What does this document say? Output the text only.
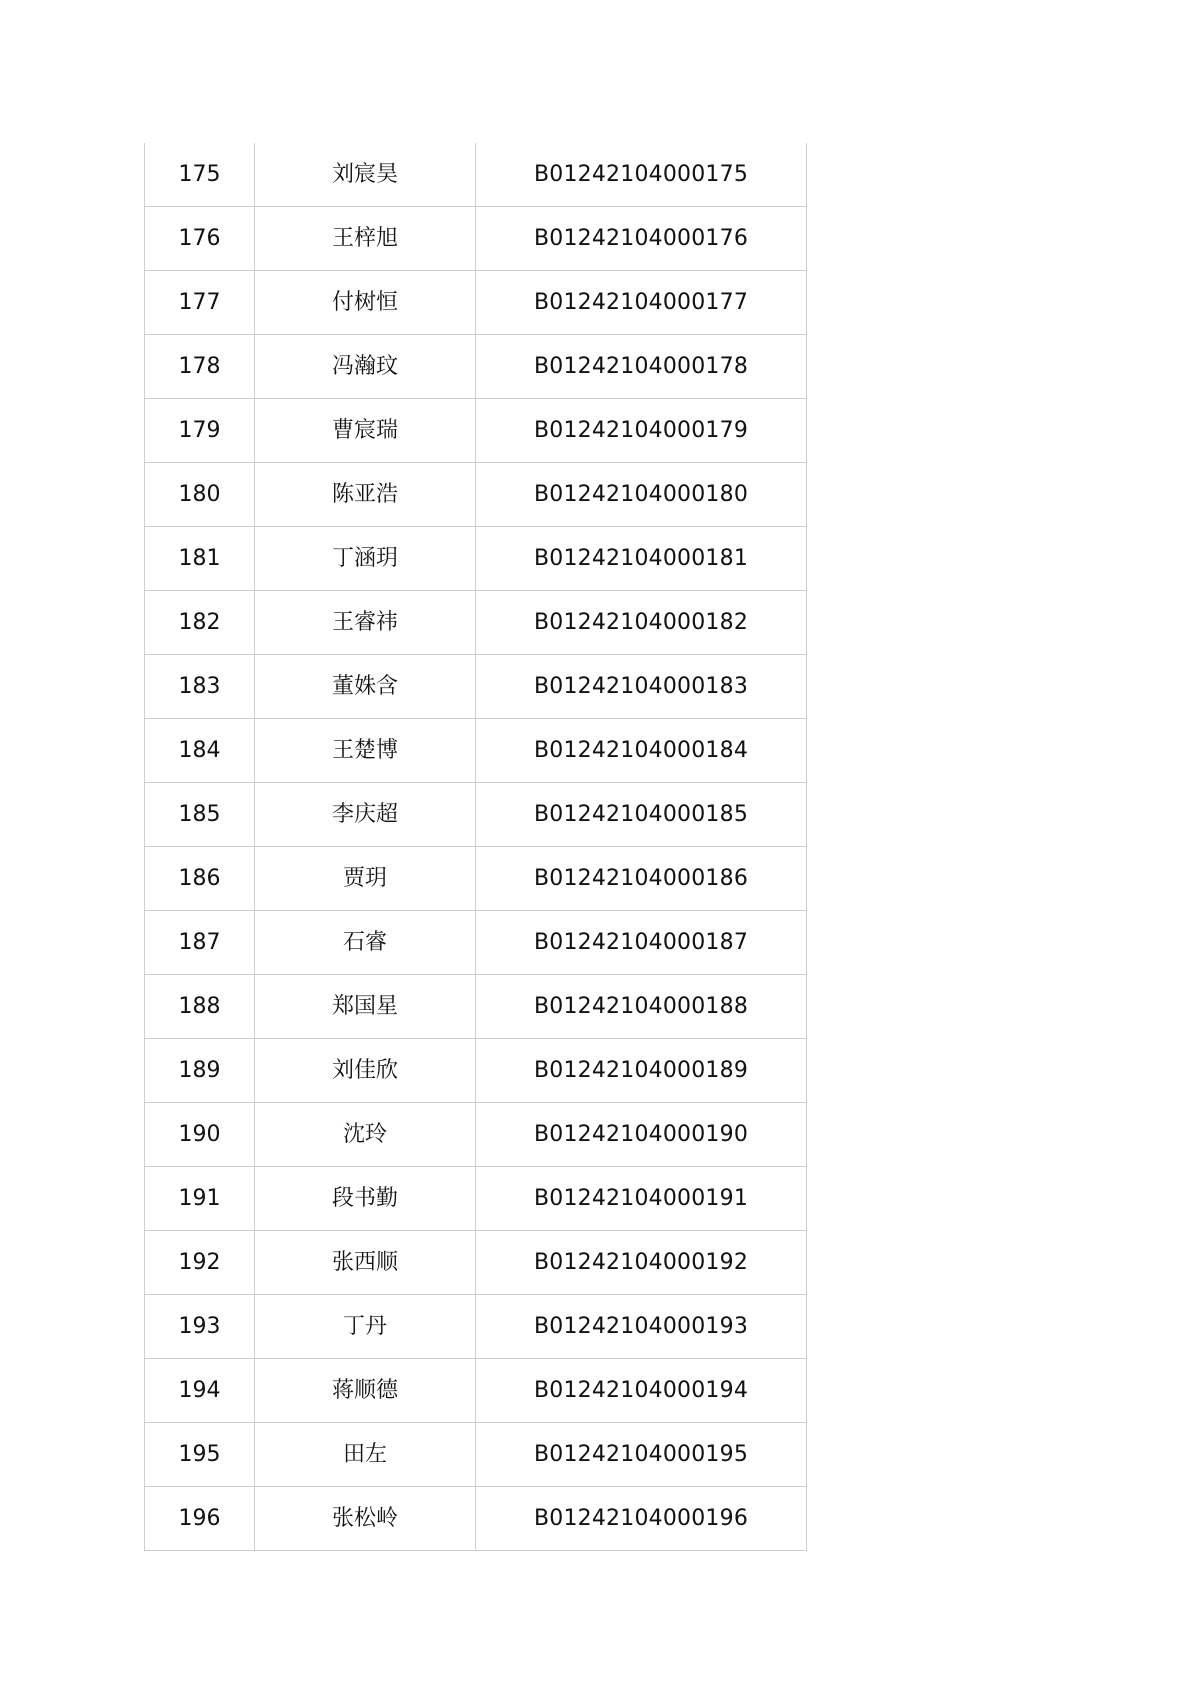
175	刘宸昊	B01242104000175
176	王梓旭	B01242104000176
177	付树恒	B01242104000177
178	冯瀚玟	B01242104000178
179	曹宸瑞	B01242104000179
180	陈亚浩	B01242104000180
181	丁涵玥	B01242104000181
182	王睿祎	B01242104000182
183	董姝含	B01242104000183
184	王楚博	B01242104000184
185	李庆超	B01242104000185
186	贾玥	B01242104000186
187	石睿	B01242104000187
188	郑国星	B01242104000188
189	刘佳欣	B01242104000189
190	沈玲	B01242104000190
191	段书勤	B01242104000191
192	张西顺	B01242104000192
193	丁丹	B01242104000193
194	蒋顺德	B01242104000194
195	田左	B01242104000195
196	张松岭	B01242104000196
